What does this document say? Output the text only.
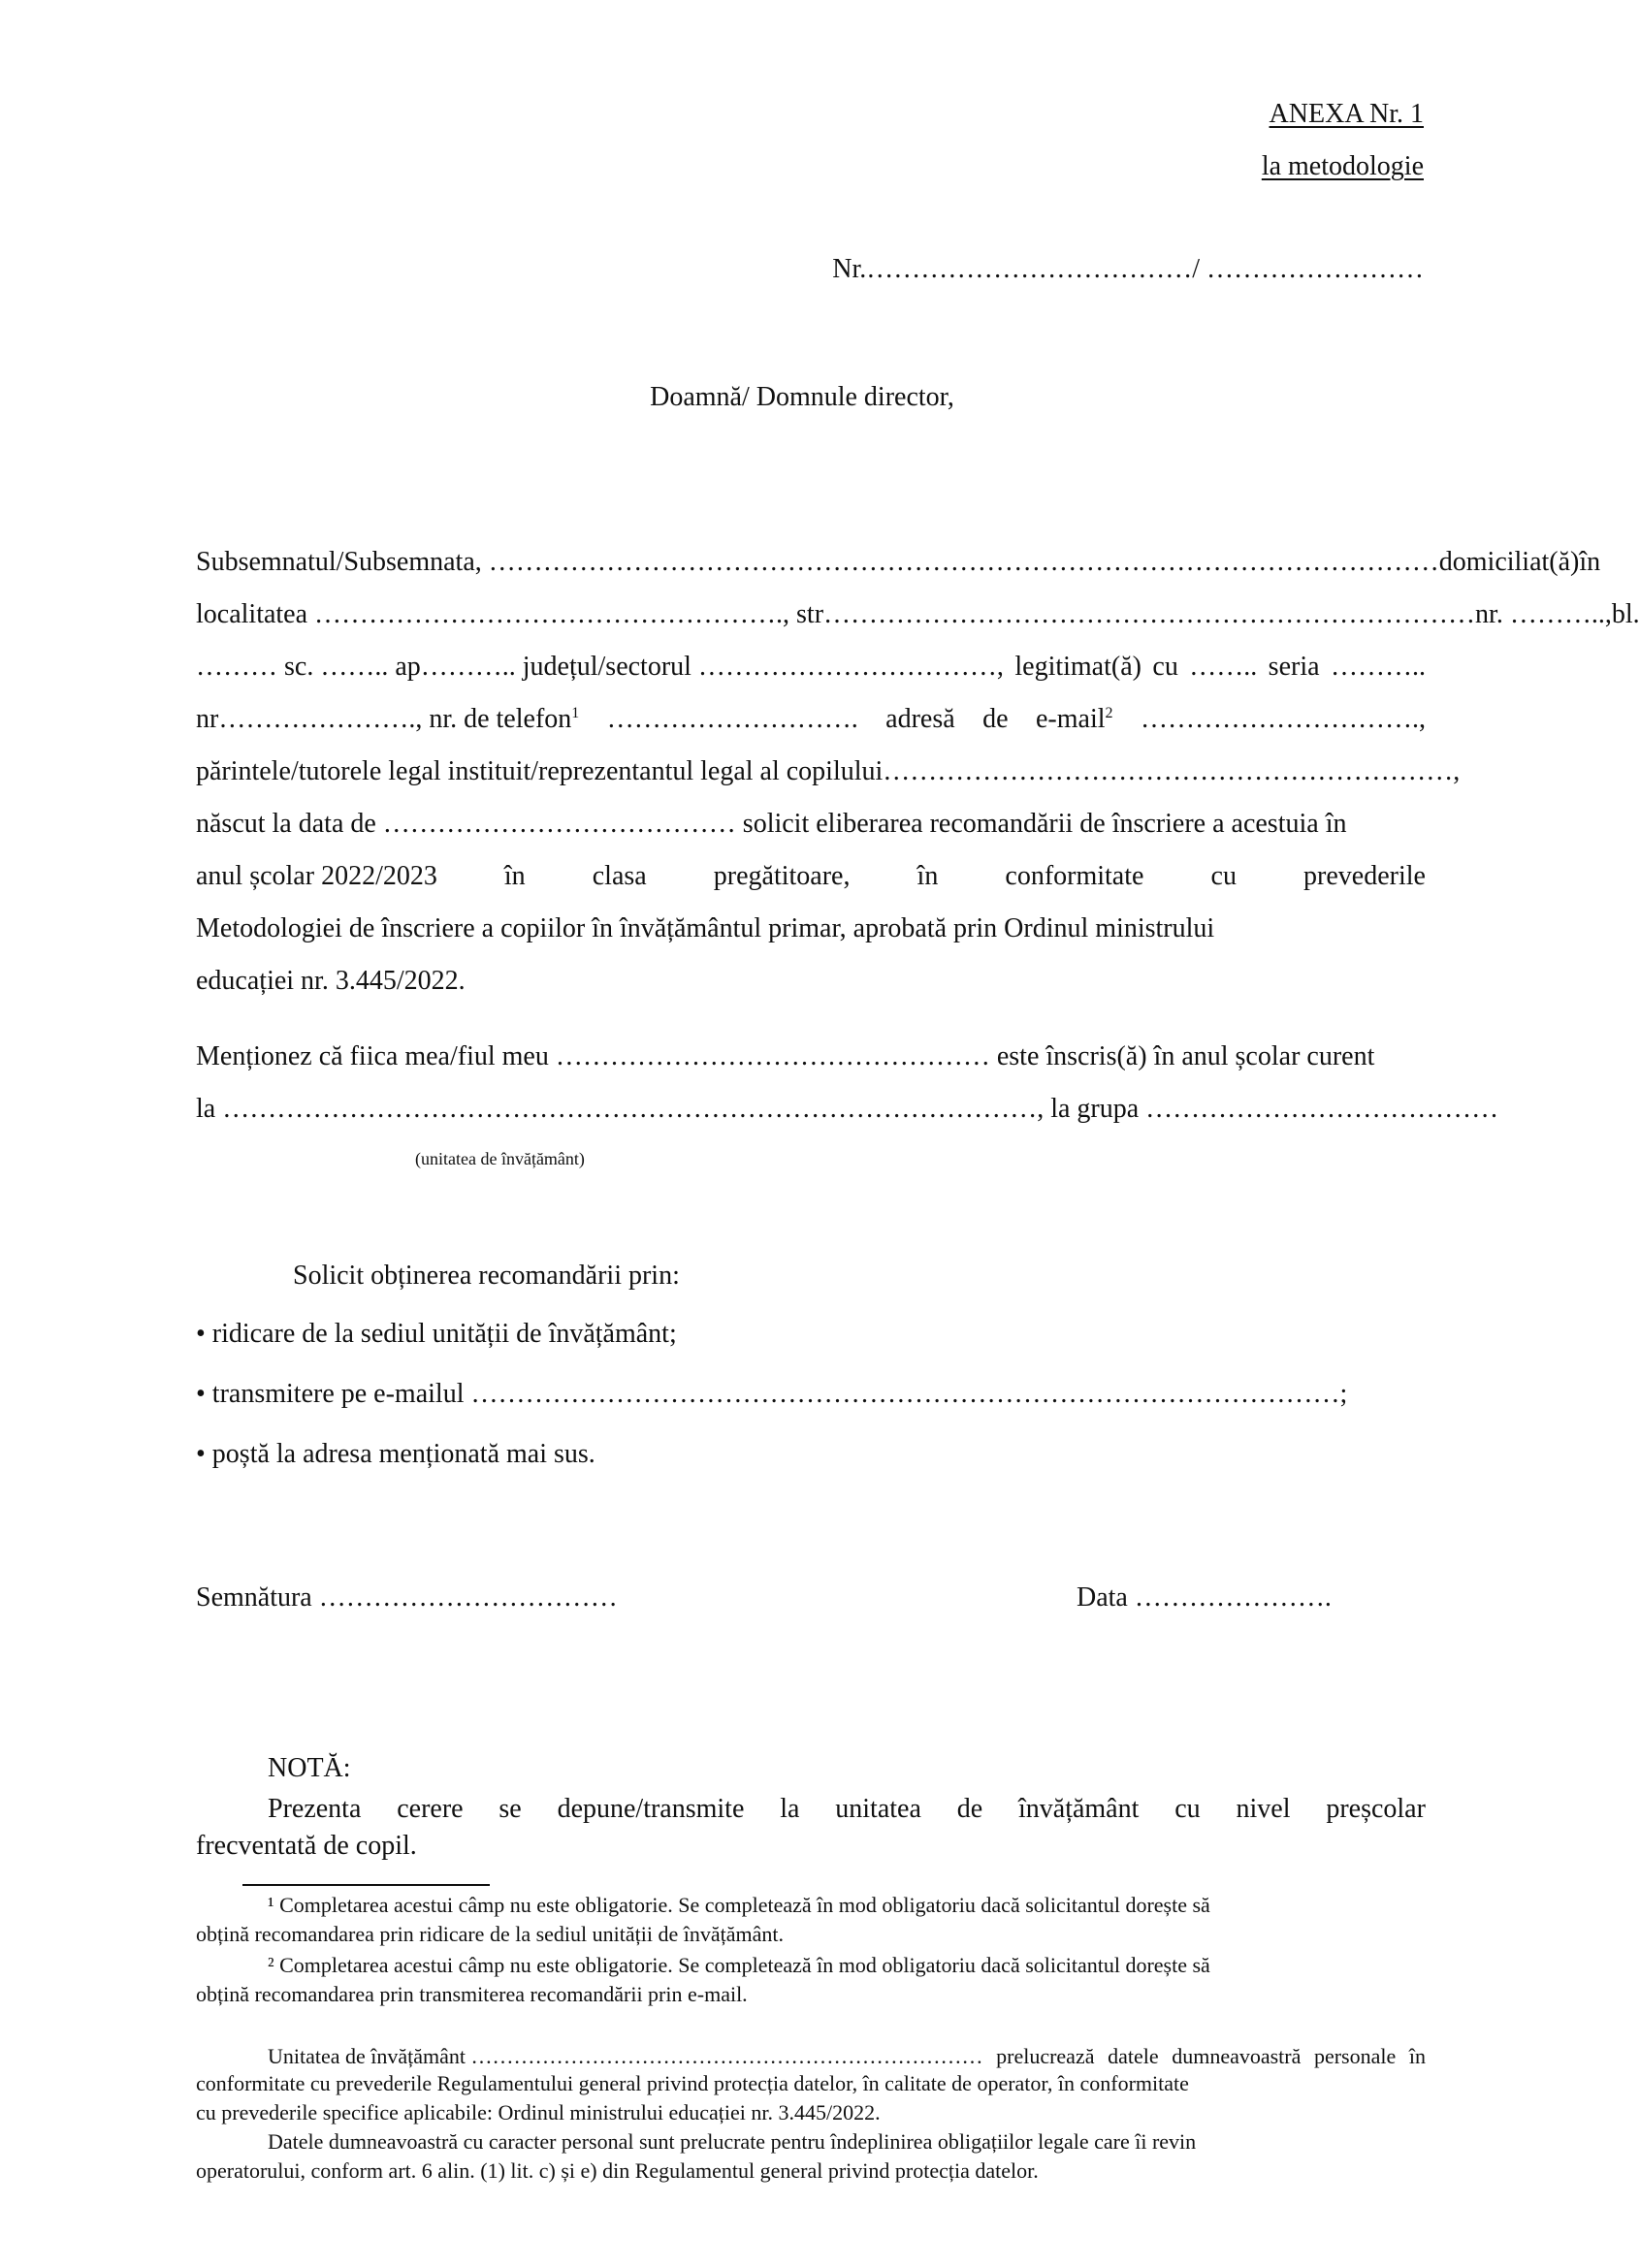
ANEXA Nr. 1
la metodologie
Nr.………………………………/ ……………………
Doamnă/ Domnule director,
Subsemnatul/Subsemnata, …………………………………………………………………………………………… domiciliat(ă) în
localitatea ……………………………………………., str………………………………………………………………nr. ……….., bl.
……… sc. …….. ap……….. județul/sectorul ……………………………, legitimat(ă) cu …….. seria ………..
nr…………………., nr. de telefon$^1$ ………………………. adresă de e-mail$^2$ ………………………….,
părintele/tutorele legal instituit/reprezentantul legal al copilului………………………………………………………,
născut la data de ………………………………… solicit eliberarea recomandării de înscriere a acestuia în
anul școlar 2022/2023 în clasa pregătitoare, în conformitate cu prevederile
Metodologiei de înscriere a copiilor în învățământul primar, aprobată prin Ordinul ministrului
educației nr. 3.445/2022.
Menționez că fiica mea/fiul meu ………………………………………… este înscris(ă) în anul școlar curent
la ………………………………………………………………………………, la grupa …………………………………
(unitatea de învățământ)
Solicit obținerea recomandării prin:
• ridicare de la sediul unității de învățământ;
• transmitere pe e-mailul ……………………………………………………………………………………;
• poștă la adresa menționată mai sus.
Semnătura ……………………………	Data ………………….
NOTĂ:
Prezenta cerere se depune/transmite la unitatea de învățământ cu nivel preșcolar
frecventată de copil.
¹ Completarea acestui câmp nu este obligatorie. Se completează în mod obligatoriu dacă solicitantul dorește să
obțină recomandarea prin ridicare de la sediul unității de învățământ.
² Completarea acestui câmp nu este obligatorie. Se completează în mod obligatoriu dacă solicitantul dorește să
obțină recomandarea prin transmiterea recomandării prin e-mail.
Unitatea de învățământ ……………………………………………………………… prelucrează datele dumneavoastră personale în
conformitate cu prevederile Regulamentului general privind protecția datelor, în calitate de operator, în conformitate
cu prevederile specifice aplicabile: Ordinul ministrului educației nr. 3.445/2022.
Datele dumneavoastră cu caracter personal sunt prelucrate pentru îndeplinirea obligațiilor legale care îi revin
operatorului, conform art. 6 alin. (1) lit. c) și e) din Regulamentul general privind protecția datelor.
